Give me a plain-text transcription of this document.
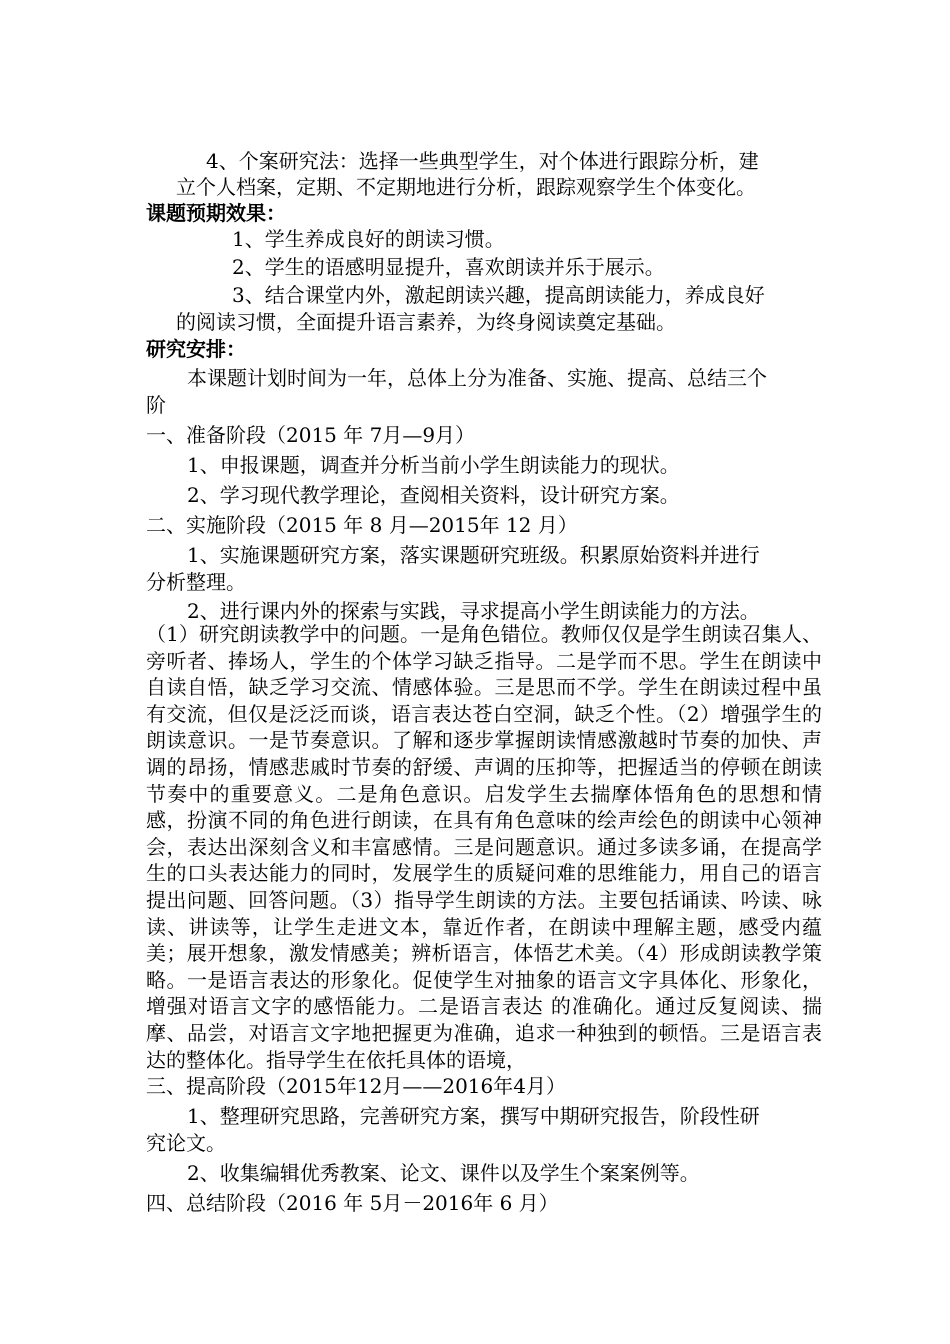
4、个案研究法：选择一些典型学生，对个体进行跟踪分析，建
立个人档案，定期、不定期地进行分析，跟踪观察学生个体变化。
课题预期效果：
1、学生养成良好的朗读习惯。
2、学生的语感明显提升，喜欢朗读并乐于展示。
3、结合课堂内外，激起朗读兴趣，提高朗读能力，养成良好
的阅读习惯，全面提升语言素养，为终身阅读奠定基础。
研究安排：
本课题计划时间为一年，总体上分为准备、实施、提高、总结三个
阶
一、准备阶段（2015 年 7月—9月）
1、申报课题，调查并分析当前小学生朗读能力的现状。
2、学习现代教学理论，查阅相关资料，设计研究方案。
二、实施阶段（2015 年 8 月—2015年 12 月）
1、实施课题研究方案，落实课题研究班级。积累原始资料并进行
分析整理。
2、进行课内外的探索与实践，寻求提高小学生朗读能力的方法。
（1）研究朗读教学中的问题。一是角色错位。教师仅仅是学生朗读召集人、旁听者、捧场人，学生的个体学习缺乏指导。二是学而不思。学生在朗读中自读自悟，缺乏学习交流、情感体验。三是思而不学。学生在朗读过程中虽有交流，但仅是泛泛而谈，语言表达苍白空洞，缺乏个性。（2）增强学生的朗读意识。一是节奏意识。了解和逐步掌握朗读情感激越时节奏的加快、声调的昂扬，情感悲戚时节奏的舒缓、声调的压抑等，把握适当的停顿在朗读节奏中的重要意义。二是角色意识。启发学生去揣摩体悟角色的思想和情感，扮演不同的角色进行朗读，在具有角色意味的绘声绘色的朗读中心领神会，表达出深刻含义和丰富感情。三是问题意识。通过多读多诵，在提高学生的口头表达能力的同时，发展学生的质疑问难的思维能力，用自己的语言提出问题、回答问题。（3）指导学生朗读的方法。主要包括诵读、吟读、咏读、讲读等，让学生走进文本，靠近作者，在朗读中理解主题，感受内蕴美；展开想象，激发情感美；辨析语言，体悟艺术美。（4）形成朗读教学策略。一是语言表达的形象化。促使学生对抽象的语言文字具体化、形象化，增强对语言文字的感悟能力。二是语言表达 的准确化。通过反复阅读、揣摩、品尝，对语言文字地把握更为准确，追求一种独到的顿悟。三是语言表达的整体化。指导学生在依托具体的语境，
三、提高阶段（2015年12月——2016年4月）
1、整理研究思路，完善研究方案，撰写中期研究报告，阶段性研
究论文。
2、收集编辑优秀教案、论文、课件以及学生个案案例等。
四、总结阶段（2016 年 5月－2016年 6 月）
